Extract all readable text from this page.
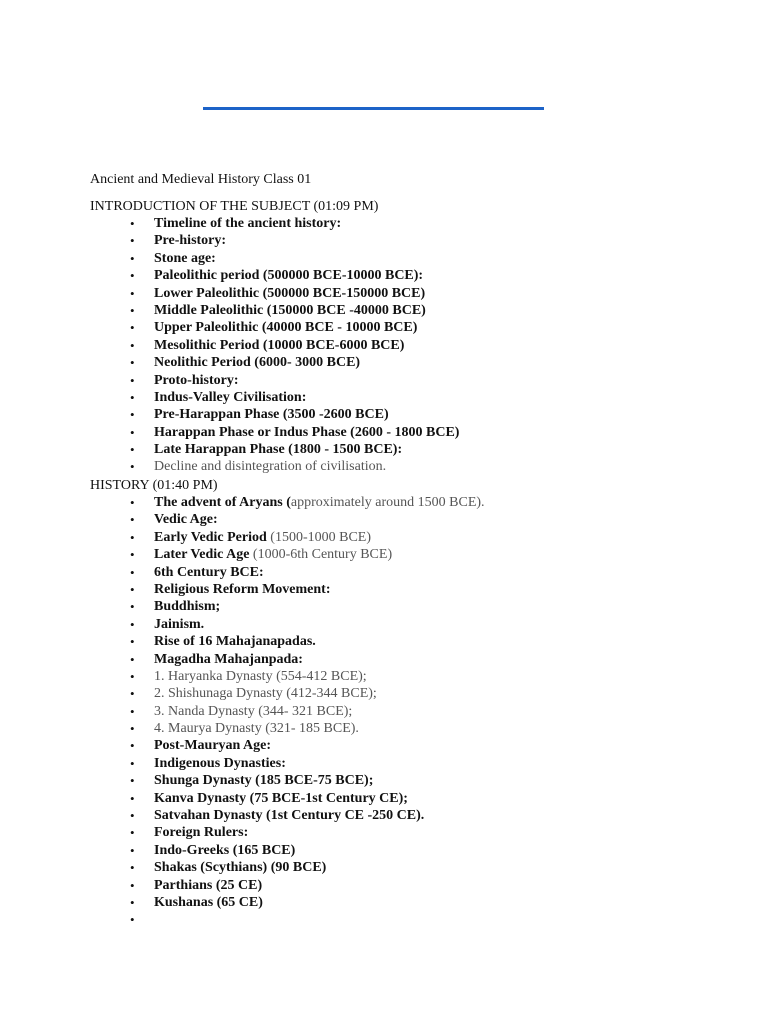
Ancient and Medieval History Class 01
INTRODUCTION OF THE SUBJECT (01:09 PM)
• Timeline of the ancient history:
• Pre-history:
• Stone age:
• Paleolithic period (500000 BCE-10000 BCE):
• Lower Paleolithic (500000 BCE-150000 BCE)
• Middle Paleolithic (150000 BCE -40000 BCE)
• Upper Paleolithic (40000 BCE - 10000 BCE)
• Mesolithic Period (10000 BCE-6000 BCE)
• Neolithic Period (6000- 3000 BCE)
• Proto-history:
• Indus-Valley Civilisation:
• Pre-Harappan Phase (3500 -2600 BCE)
• Harappan Phase or Indus Phase (2600 - 1800 BCE)
• Late Harappan Phase (1800 - 1500 BCE):
• Decline and disintegration of civilisation.
HISTORY (01:40 PM)
• The advent of Aryans (approximately around 1500 BCE).
• Vedic Age:
• Early Vedic Period (1500-1000 BCE)
• Later Vedic Age (1000-6th Century BCE)
• 6th Century BCE:
• Religious Reform Movement:
• Buddhism;
• Jainism.
• Rise of 16 Mahajanapadas.
• Magadha Mahajanpada:
• 1. Haryanka Dynasty (554-412 BCE);
• 2. Shishunaga Dynasty (412-344 BCE);
• 3. Nanda Dynasty (344- 321 BCE);
• 4. Maurya Dynasty (321- 185 BCE).
• Post-Mauryan Age:
• Indigenous Dynasties:
• Shunga Dynasty (185 BCE-75 BCE);
• Kanva Dynasty (75 BCE-1st Century CE);
• Satvahan Dynasty (1st Century CE -250 CE).
• Foreign Rulers:
• Indo-Greeks (165 BCE)
• Shakas (Scythians) (90 BCE)
• Parthians (25 CE)
• Kushanas (65 CE)
•
